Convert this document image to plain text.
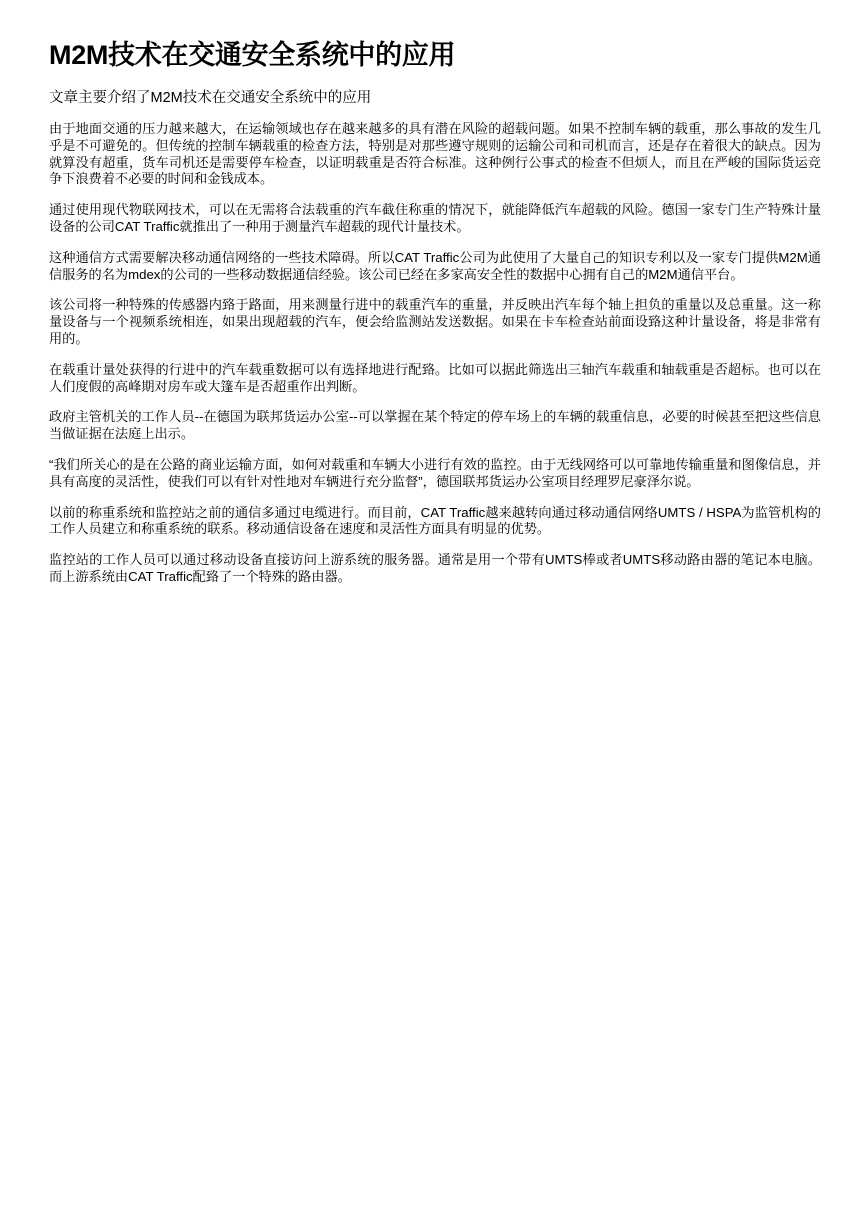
M2M技术在交通安全系统中的应用
文章主要介绍了M2M技术在交通安全系统中的应用

由于地面交通的压力越来越大，在运输领域也存在越来越多的具有潜在风险的超载问题。如果不控制车辆的载重，那么事故的发生几乎是不可避免的。但传统的控制车辆载重的检查方法，特别是对那些遵守规则的运输公司和司机而言，还是存在着很大的缺点。因为就算没有超重，货车司机还是需要停车检查，以证明载重是否符合标准。这种例行公事式的检查不但烦人，而且在严峻的国际货运竞争下浪费着不必要的时间和金钱成本。

通过使用现代物联网技术，可以在无需将合法载重的汽车截住称重的情况下，就能降低汽车超载的风险。德国一家专门生产特殊计量设备的公司CAT Traffic就推出了一种用于测量汽车超载的现代计量技术。

这种通信方式需要解决移动通信网络的一些技术障碍。所以CAT Traffic公司为此使用了大量自己的知识专利以及一家专门提供M2M通信服务的名为mdex的公司的一些移动数据通信经验。该公司已经在多家高安全性的数据中心拥有自己的M2M通信平台。

该公司将一种特殊的传感器内臵于路面，用来测量行进中的载重汽车的重量，并反映出汽车每个轴上担负的重量以及总重量。这一称量设备与一个视频系统相连，如果出现超载的汽车，便会给监测站发送数据。如果在卡车检查站前面设臵这种计量设备，将是非常有用的。

在载重计量处获得的行进中的汽车载重数据可以有选择地进行配臵。比如可以据此筛选出三轴汽车载重和轴载重是否超标。也可以在人们度假的高峰期对房车或大篷车是否超重作出判断。

政府主管机关的工作人员--在德国为联邦货运办公室--可以掌握在某个特定的停车场上的车辆的载重信息，必要的时候甚至把这些信息当做证据在法庭上出示。

“我们所关心的是在公路的商业运输方面，如何对载重和车辆大小进行有效的监控。由于无线网络可以可靠地传输重量和图像信息，并具有高度的灵活性，使我们可以有针对性地对车辆进行充分监督”，德国联邦货运办公室项目经理罗尼豪泽尔说。

以前的称重系统和监控站之前的通信多通过电缆进行。而目前，CAT Traffic越来越转向通过移动通信网络UMTS / HSPA为监管机构的工作人员建立和称重系统的联系。移动通信设备在速度和灵活性方面具有明显的优势。

监控站的工作人员可以通过移动设备直接访问上游系统的服务器。通常是用一个带有UMTS棒或者UMTS移动路由器的笔记本电脑。而上游系统由CAT Traffic配臵了一个特殊的路由器。
